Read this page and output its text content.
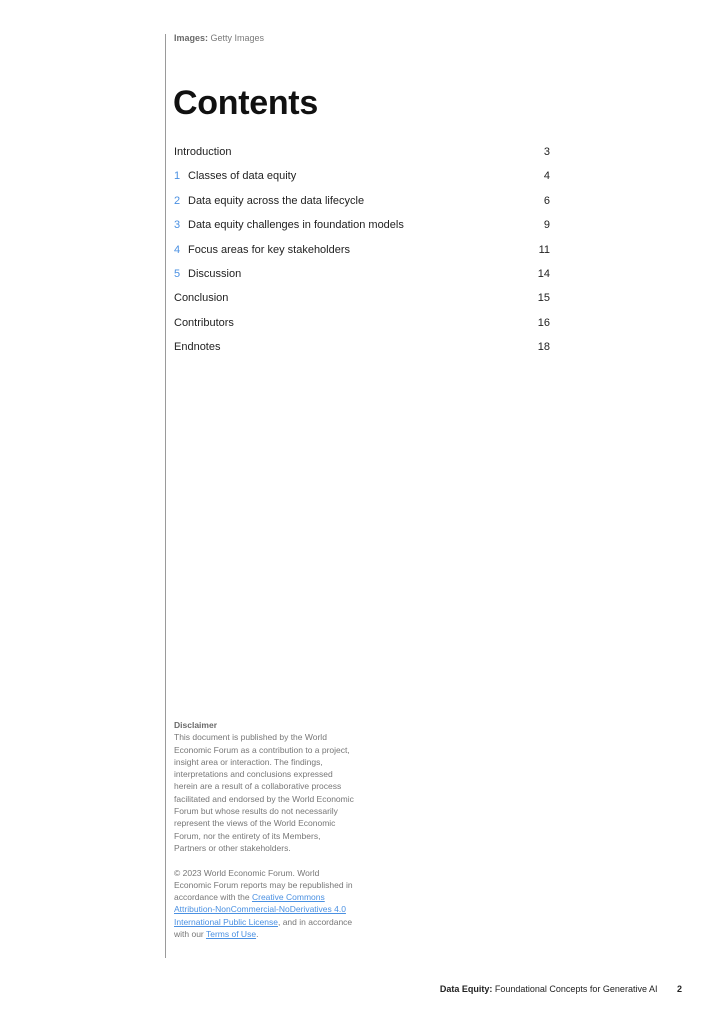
Images: Getty Images
Contents
Introduction	3
1 Classes of data equity	4
2 Data equity across the data lifecycle	6
3 Data equity challenges in foundation models	9
4 Focus areas for key stakeholders	11
5 Discussion	14
Conclusion	15
Contributors	16
Endnotes	18

Disclaimer

This document is published by the World Economic Forum as a contribution to a project, insight area or interaction. The findings, interpretations and conclusions expressed herein are a result of a collaborative process facilitated and endorsed by the World Economic Forum but whose results do not necessarily represent the views of the World Economic Forum, nor the entirety of its Members, Partners or other stakeholders.

© 2023 World Economic Forum. World Economic Forum reports may be republished in accordance with the Creative Commons Attribution-NonCommercial-NoDerivatives 4.0 International Public License, and in accordance with our Terms of Use.

Data Equity: Foundational Concepts for Generative AI 2
